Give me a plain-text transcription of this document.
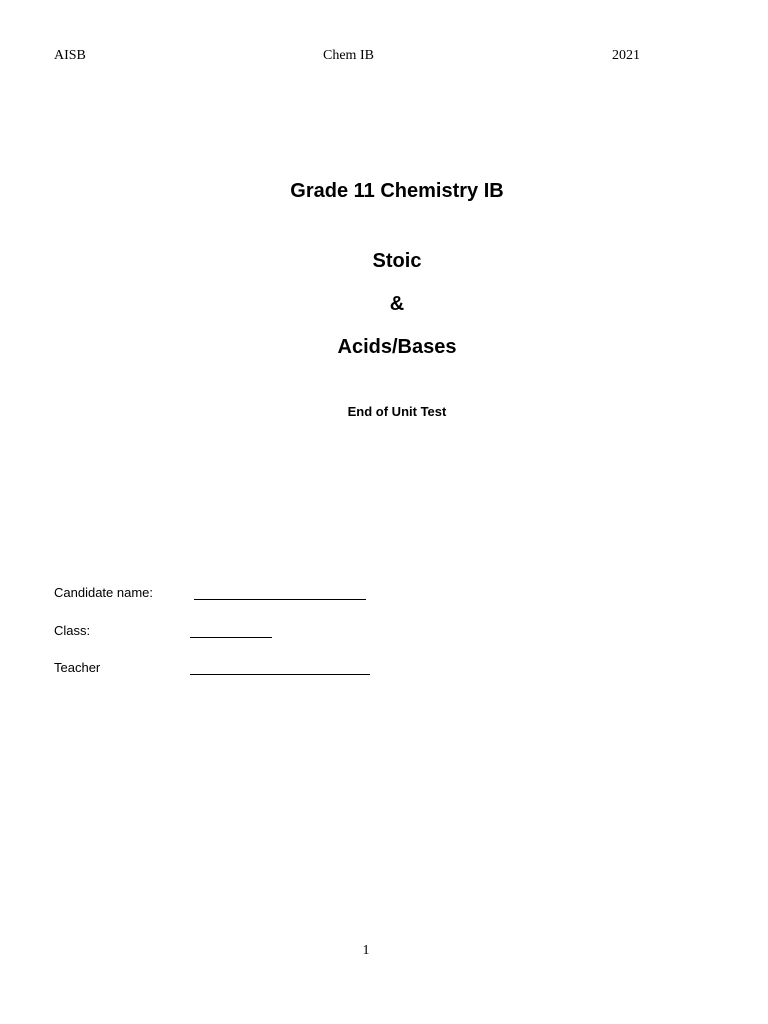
AISB	Chem IB	2021
Grade 11 Chemistry IB
Stoic
&
Acids/Bases
End of Unit Test
Candidate name:
Class:
Teacher
1
